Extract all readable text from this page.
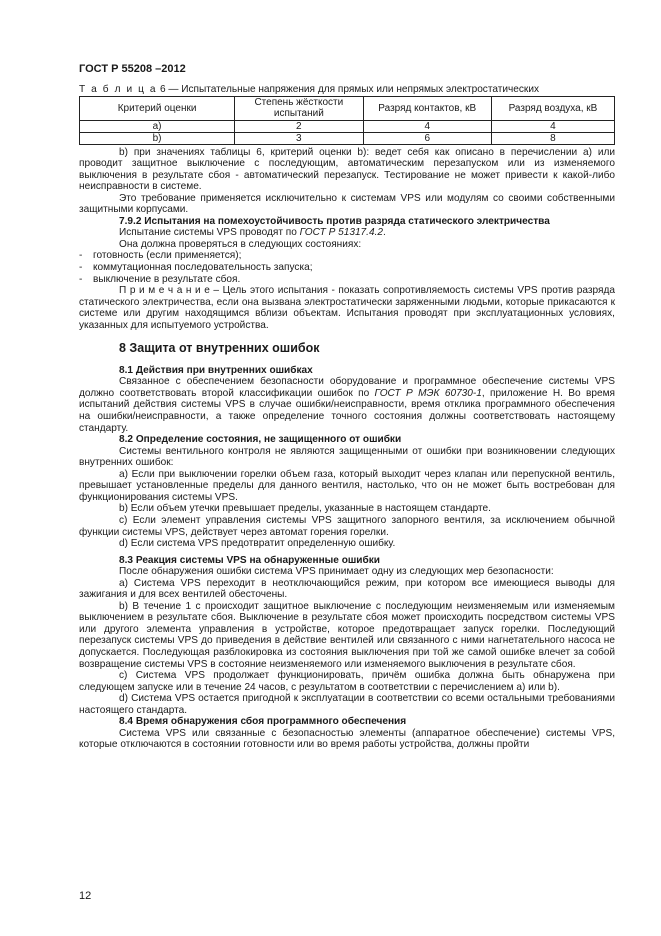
ГОСТ Р 55208 –2012

Т а б л и ц а 6 — Испытательные напряжения для прямых или непрямых электростатических

Критерий оценки	Степень жёсткости испытаний	Разряд контактов, кВ	Разряд воздуха, кВ
а)	2	4	4
b)	3	6	8

b) при значениях таблицы 6, критерий оценки b): ведет себя как описано в перечислении а) или проводит защитное выключение с последующим, автоматическим перезапуском или из изменяемого выключения в результате сбоя - автоматический перезапуск. Тестирование не может привести к какой-либо неисправности в системе.

Это требование применяется исключительно к системам VPS или модулям со своими собственными защитными корпусами.

7.9.2 Испытания на помехоустойчивость против разряда статического электричества

Испытание системы VPS проводят по ГОСТ Р 51317.4.2.

Она должна проверяться в следующих состояниях:

- готовность (если применяется);

- коммутационная последовательность запуска;

- выключение в результате сбоя.

П р и м е ч а н и е – Цель этого испытания - показать сопротивляемость системы VPS против разряда статического электричества, если она вызвана электростатически заряженными людьми, которые прикасаются к системе или другим находящимся вблизи объектам. Испытания проводят при эксплуатационных условиях, указанных для испытуемого устройства.

8 Защита от внутренних ошибок

8.1 Действия при внутренних ошибках

Связанное с обеспечением безопасности оборудование и программное обеспечение системы VPS должно соответствовать второй классификации ошибок по ГОСТ Р МЭК 60730-1, приложение Н. Во время испытаний действия системы VPS в случае ошибки/неисправности, время отклика программного обеспечения на ошибки/неисправности, а также определение точного состояния должны соответствовать настоящему стандарту.

8.2 Определение состояния, не защищенного от ошибки

Системы вентильного контроля не являются защищенными от ошибки при возникновении следующих внутренних ошибок:

а) Если при выключении горелки объем газа, который выходит через клапан или перепускной вентиль, превышает установленные пределы для данного вентиля, настолько, что он не может быть востребован для функционирования системы VPS.

b) Если объем утечки превышает пределы, указанные в настоящем стандарте.

с) Если элемент управления системы VPS защитного запорного вентиля, за исключением обычной функции системы VPS, действует через автомат горения горелки.

d) Если система VPS предотвратит определенную ошибку.

8.3 Реакция системы VPS на обнаруженные ошибки

После обнаружения ошибки система VPS принимает одну из следующих мер безопасности:

а) Система VPS переходит в неотключающийся режим, при котором все имеющиеся выводы для зажигания и для всех вентилей обесточены.

b) В течение 1 с происходит защитное выключение с последующим неизменяемым или изменяемым выключением в результате сбоя. Выключение в результате сбоя может происходить посредством системы VPS или другого элемента управления в устройстве, которое предотвращает запуск горелки. Последующий перезапуск системы VPS до приведения в действие вентилей или связанного с ними нагнетательного насоса не допускается. Последующая разблокировка из состояния выключения при той же самой ошибке влечет за собой возвращение системы VPS в состояние неизменяемого или изменяемого выключения в результате сбоя.

с) Система VPS продолжает функционировать, причём ошибка должна быть обнаружена при следующем запуске или в течение 24 часов, с результатом в соответствии с перечислением а) или b).

d) Система VPS остается пригодной к эксплуатации в соответствии со всеми остальными требованиями настоящего стандарта.

8.4 Время обнаружения сбоя программного обеспечения

Система VPS или связанные с безопасностью элементы (аппаратное обеспечение) системы VPS, которые отключаются в состоянии готовности или во время работы устройства, должны пройти

12
